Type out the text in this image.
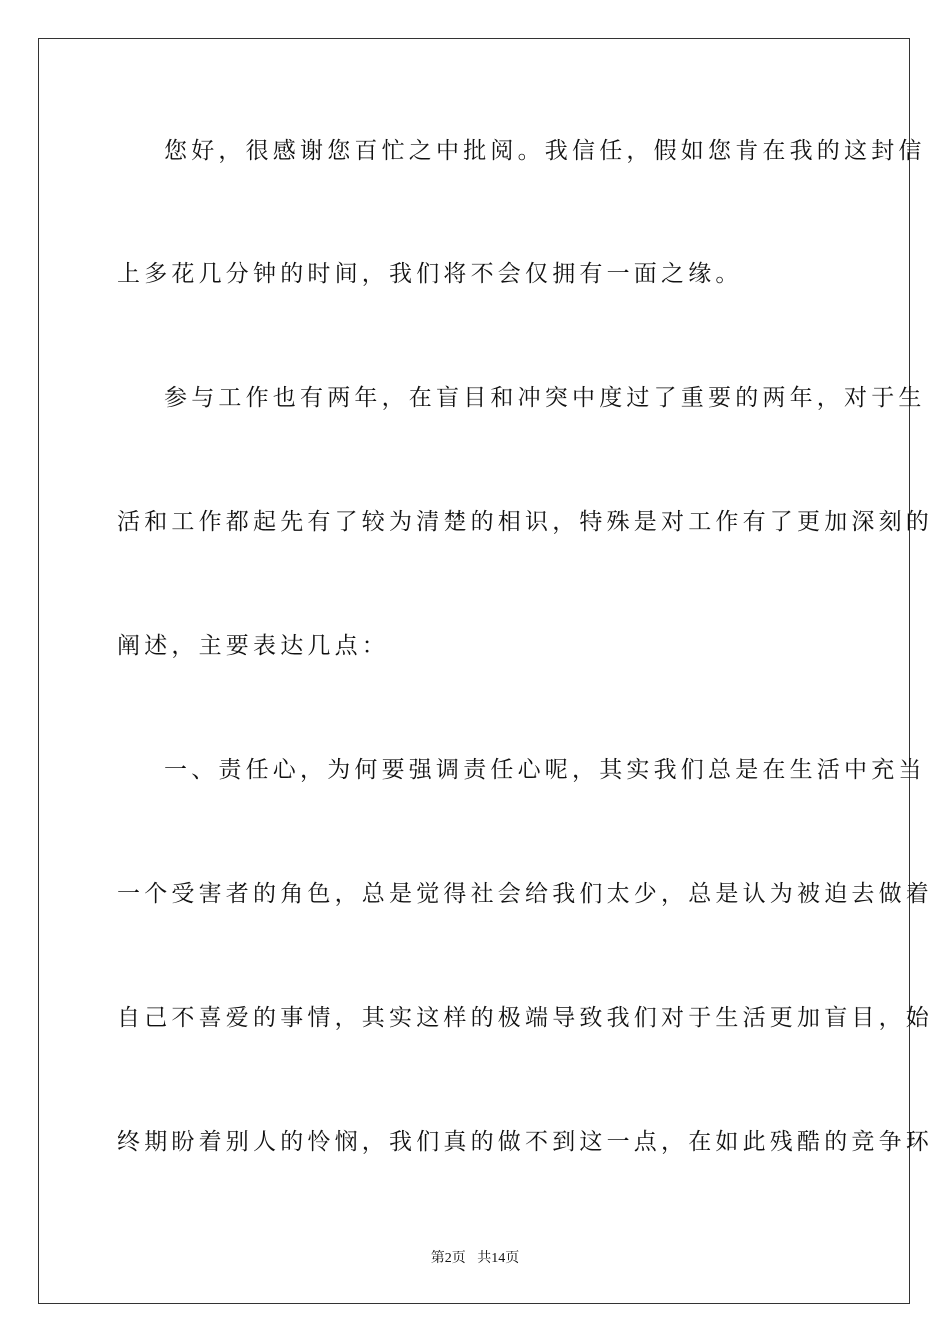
您好，很感谢您百忙之中批阅。我信任，假如您肯在我的这封信
上多花几分钟的时间，我们将不会仅拥有一面之缘。
参与工作也有两年，在盲目和冲突中度过了重要的两年，对于生
活和工作都起先有了较为清楚的相识，特殊是对工作有了更加深刻的
阐述，主要表达几点：
一、责任心，为何要强调责任心呢，其实我们总是在生活中充当
一个受害者的角色，总是觉得社会给我们太少，总是认为被迫去做着
自己不喜爱的事情，其实这样的极端导致我们对于生活更加盲目，始
终期盼着别人的怜悯，我们真的做不到这一点，在如此残酷的竞争环
第2页 共14页
